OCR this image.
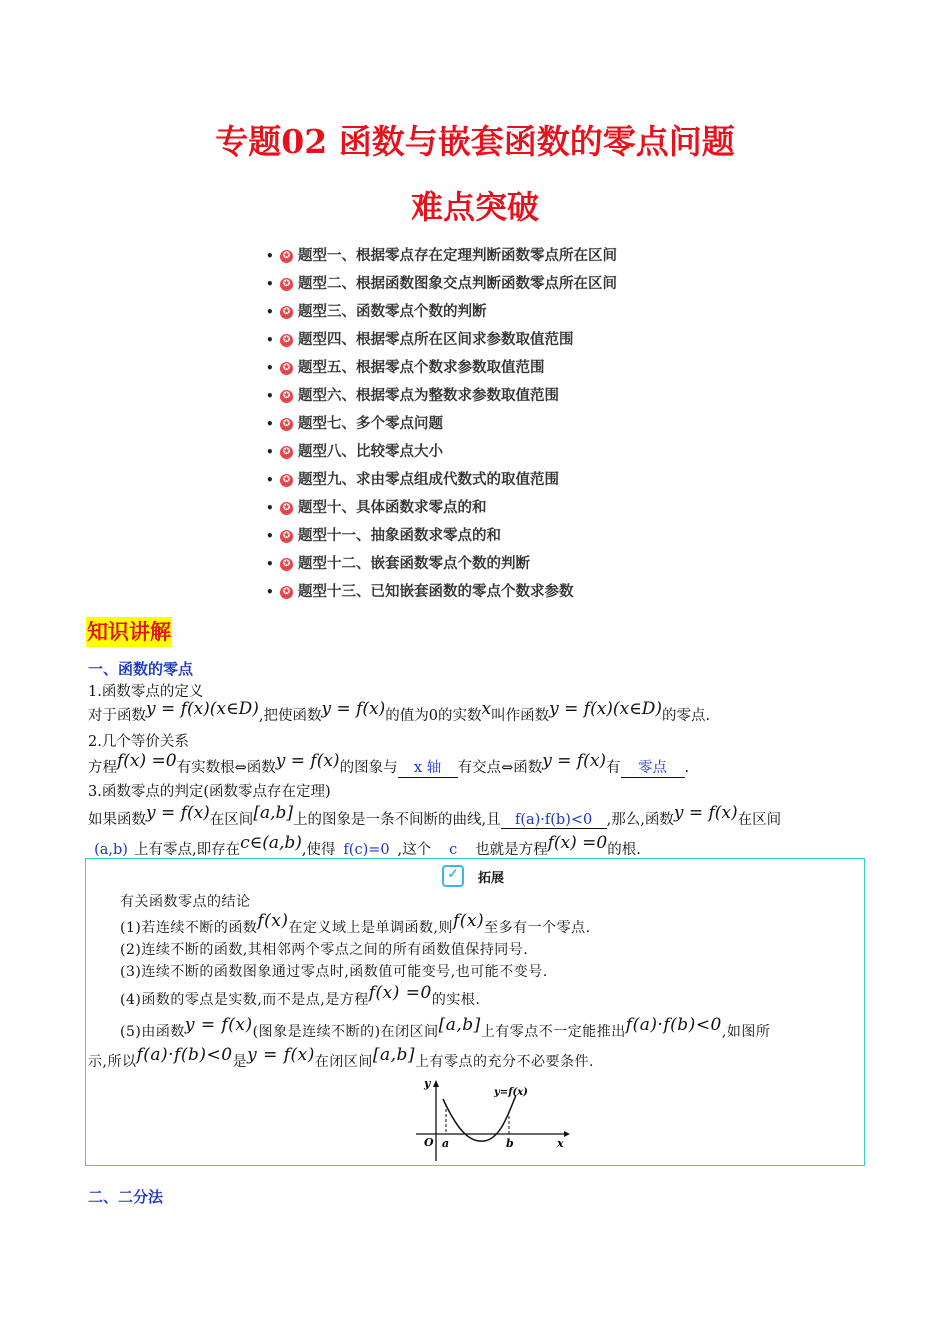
专题02 函数与嵌套函数的零点问题
难点突破
•	✪ 题型一、根据零点存在定理判断函数零点所在区间
•	✪ 题型二、根据函数图象交点判断函数零点所在区间
•	✪ 题型三、函数零点个数的判断
•	✪ 题型四、根据零点所在区间求参数取值范围
•	✪ 题型五、根据零点个数求参数取值范围
•	✪ 题型六、根据零点为整数求参数取值范围
•	✪ 题型七、多个零点问题
•	✪ 题型八、比较零点大小
•	✪ 题型九、求由零点组成代数式的取值范围
•	✪ 题型十、具体函数求零点的和
•	✪ 题型十一、抽象函数求零点的和
•	✪ 题型十二、嵌套函数零点个数的判断
•	✪ 题型十三、已知嵌套函数的零点个数求参数
知识讲解
一、函数的零点
1.函数零点的定义
对于函数y = f(x)(x∈D),把使函数y = f(x)的值为0的实数x叫作函数y = f(x)(x∈D)的零点.
2.几个等价关系
方程f(x) =0有实数根⇔函数y = f(x)的图象与 x 轴 有交点⇔函数y = f(x)有 零点 .
3.函数零点的判定(函数零点存在定理)
如果函数y = f(x)在区间[a,b]上的图象是一条不间断的曲线,且 f(a)·f(b)<0 ,那么,函数y = f(x)在区间
(a,b) 上有零点,即存在c∈(a,b),使得 f(c)=0 ,这个 c 也就是方程f(x) =0的根.
✓	拓展
有关函数零点的结论
(1)若连续不断的函数f(x)在定义域上是单调函数,则f(x)至多有一个零点.
(2)连续不断的函数,其相邻两个零点之间的所有函数值保持同号.
(3)连续不断的函数图象通过零点时,函数值可能变号,也可能不变号.
(4)函数的零点是实数,而不是点,是方程f(x) =0的实根.
(5)由函数y = f(x)(图象是连续不断的)在闭区间[a,b]上有零点不一定能推出f(a)·f(b)<0,如图所
示,所以f(a)·f(b)<0是y = f(x)在闭区间[a,b]上有零点的充分不必要条件.
y
x
O a	b
y=f(x)
二、二分法
